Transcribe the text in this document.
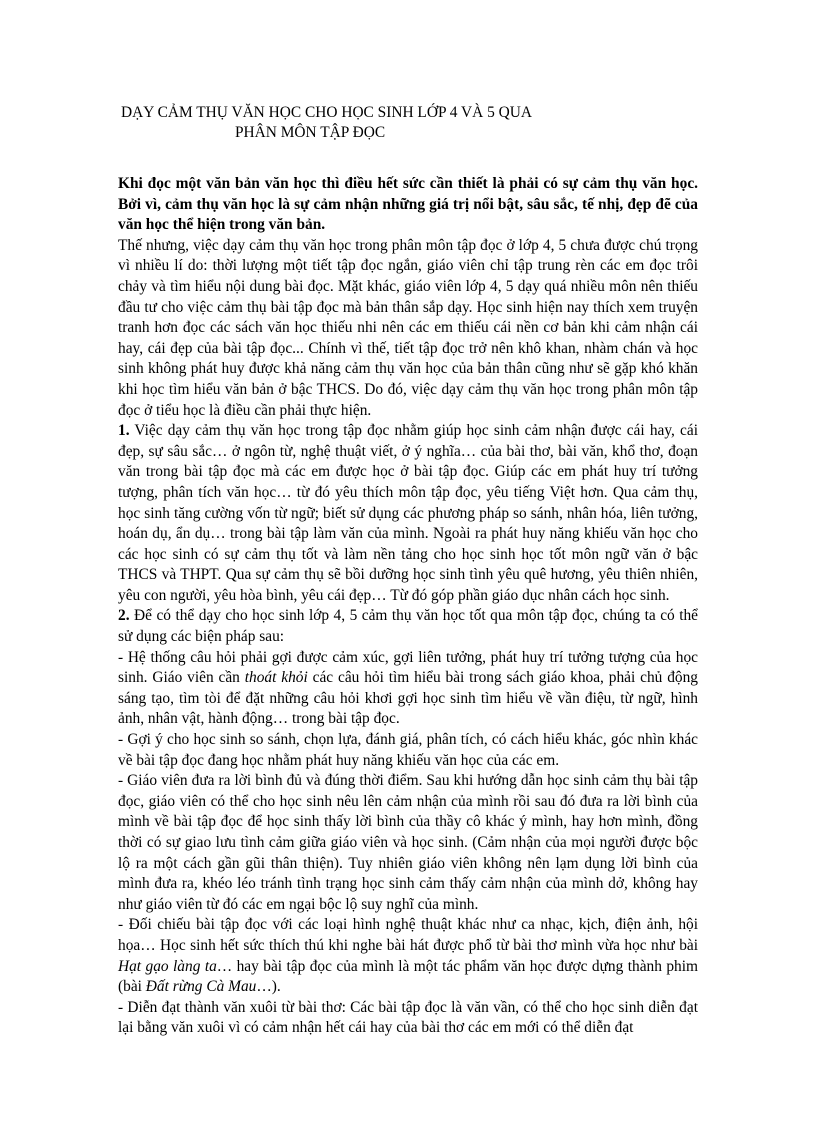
DẠY CẢM THỤ VĂN HỌC CHO HỌC SINH LỚP 4 VÀ 5 QUA
PHÂN MÔN TẬP ĐỌC

Khi đọc một văn bản văn học thì điều hết sức cần thiết là phải có sự cảm thụ văn học. Bởi vì, cảm thụ văn học là sự cảm nhận những giá trị nổi bật, sâu sắc, tế nhị, đẹp đẽ của văn học thể hiện trong văn bản.

Thế nhưng, việc dạy cảm thụ văn học trong phân môn tập đọc ở lớp 4, 5 chưa được chú trọng vì nhiều lí do: thời lượng một tiết tập đọc ngắn, giáo viên chỉ tập trung rèn các em đọc trôi chảy và tìm hiểu nội dung bài đọc. Mặt khác, giáo viên lớp 4, 5 dạy quá nhiều môn nên thiếu đầu tư cho việc cảm thụ bài tập đọc mà bản thân sắp dạy. Học sinh hiện nay thích xem truyện tranh hơn đọc các sách văn học thiếu nhi nên các em thiếu cái nền cơ bản khi cảm nhận cái hay, cái đẹp của bài tập đọc... Chính vì thế, tiết tập đọc trở nên khô khan, nhàm chán và học sinh không phát huy được khả năng cảm thụ văn học của bản thân cũng như sẽ gặp khó khăn khi học tìm hiểu văn bản ở bậc THCS. Do đó, việc dạy cảm thụ văn học trong phân môn tập đọc ở tiểu học là điều cần phải thực hiện.

1. Việc dạy cảm thụ văn học trong tập đọc nhằm giúp học sinh cảm nhận được cái hay, cái đẹp, sự sâu sắc… ở ngôn từ, nghệ thuật viết, ở ý nghĩa… của bài thơ, bài văn, khổ thơ, đoạn văn trong bài tập đọc mà các em được học ở bài tập đọc. Giúp các em phát huy trí tưởng tượng, phân tích văn học… từ đó yêu thích môn tập đọc, yêu tiếng Việt hơn. Qua cảm thụ, học sinh tăng cường vốn từ ngữ; biết sử dụng các phương pháp so sánh, nhân hóa, liên tưởng, hoán dụ, ẩn dụ… trong bài tập làm văn của mình. Ngoài ra phát huy năng khiếu văn học cho các học sinh có sự cảm thụ tốt và làm nền tảng cho học sinh học tốt môn ngữ văn ở bậc THCS và THPT. Qua sự cảm thụ sẽ bồi dưỡng học sinh tình yêu quê hương, yêu thiên nhiên, yêu con người, yêu hòa bình, yêu cái đẹp… Từ đó góp phần giáo dục nhân cách học sinh.

2. Để có thể dạy cho học sinh lớp 4, 5 cảm thụ văn học tốt qua môn tập đọc, chúng ta có thể sử dụng các biện pháp sau:

- Hệ thống câu hỏi phải gợi được cảm xúc, gợi liên tưởng, phát huy trí tưởng tượng của học sinh. Giáo viên cần thoát khỏi các câu hỏi tìm hiểu bài trong sách giáo khoa, phải chủ động sáng tạo, tìm tòi để đặt những câu hỏi khơi gợi học sinh tìm hiểu về vần điệu, từ ngữ, hình ảnh, nhân vật, hành động… trong bài tập đọc.

- Gợi ý cho học sinh so sánh, chọn lựa, đánh giá, phân tích, có cách hiểu khác, góc nhìn khác về bài tập đọc đang học nhằm phát huy năng khiếu văn học của các em.

- Giáo viên đưa ra lời bình đủ và đúng thời điểm. Sau khi hướng dẫn học sinh cảm thụ bài tập đọc, giáo viên có thể cho học sinh nêu lên cảm nhận của mình rồi sau đó đưa ra lời bình của mình về bài tập đọc để học sinh thấy lời bình của thầy cô khác ý mình, hay hơn mình, đồng thời có sự giao lưu tình cảm giữa giáo viên và học sinh. (Cảm nhận của mọi người được bộc lộ ra một cách gần gũi thân thiện). Tuy nhiên giáo viên không nên lạm dụng lời bình của mình đưa ra, khéo léo tránh tình trạng học sinh cảm thấy cảm nhận của mình dở, không hay như giáo viên từ đó các em ngại bộc lộ suy nghĩ của mình.

- Đối chiếu bài tập đọc với các loại hình nghệ thuật khác như ca nhạc, kịch, điện ảnh, hội họa… Học sinh hết sức thích thú khi nghe bài hát được phổ từ bài thơ mình vừa học như bài Hạt gạo làng ta… hay bài tập đọc của mình là một tác phẩm văn học được dựng thành phim (bài Đất rừng Cà Mau…).

- Diễn đạt thành văn xuôi từ bài thơ: Các bài tập đọc là văn vần, có thể cho học sinh diễn đạt lại bằng văn xuôi vì có cảm nhận hết cái hay của bài thơ các em mới có thể diễn đạt
